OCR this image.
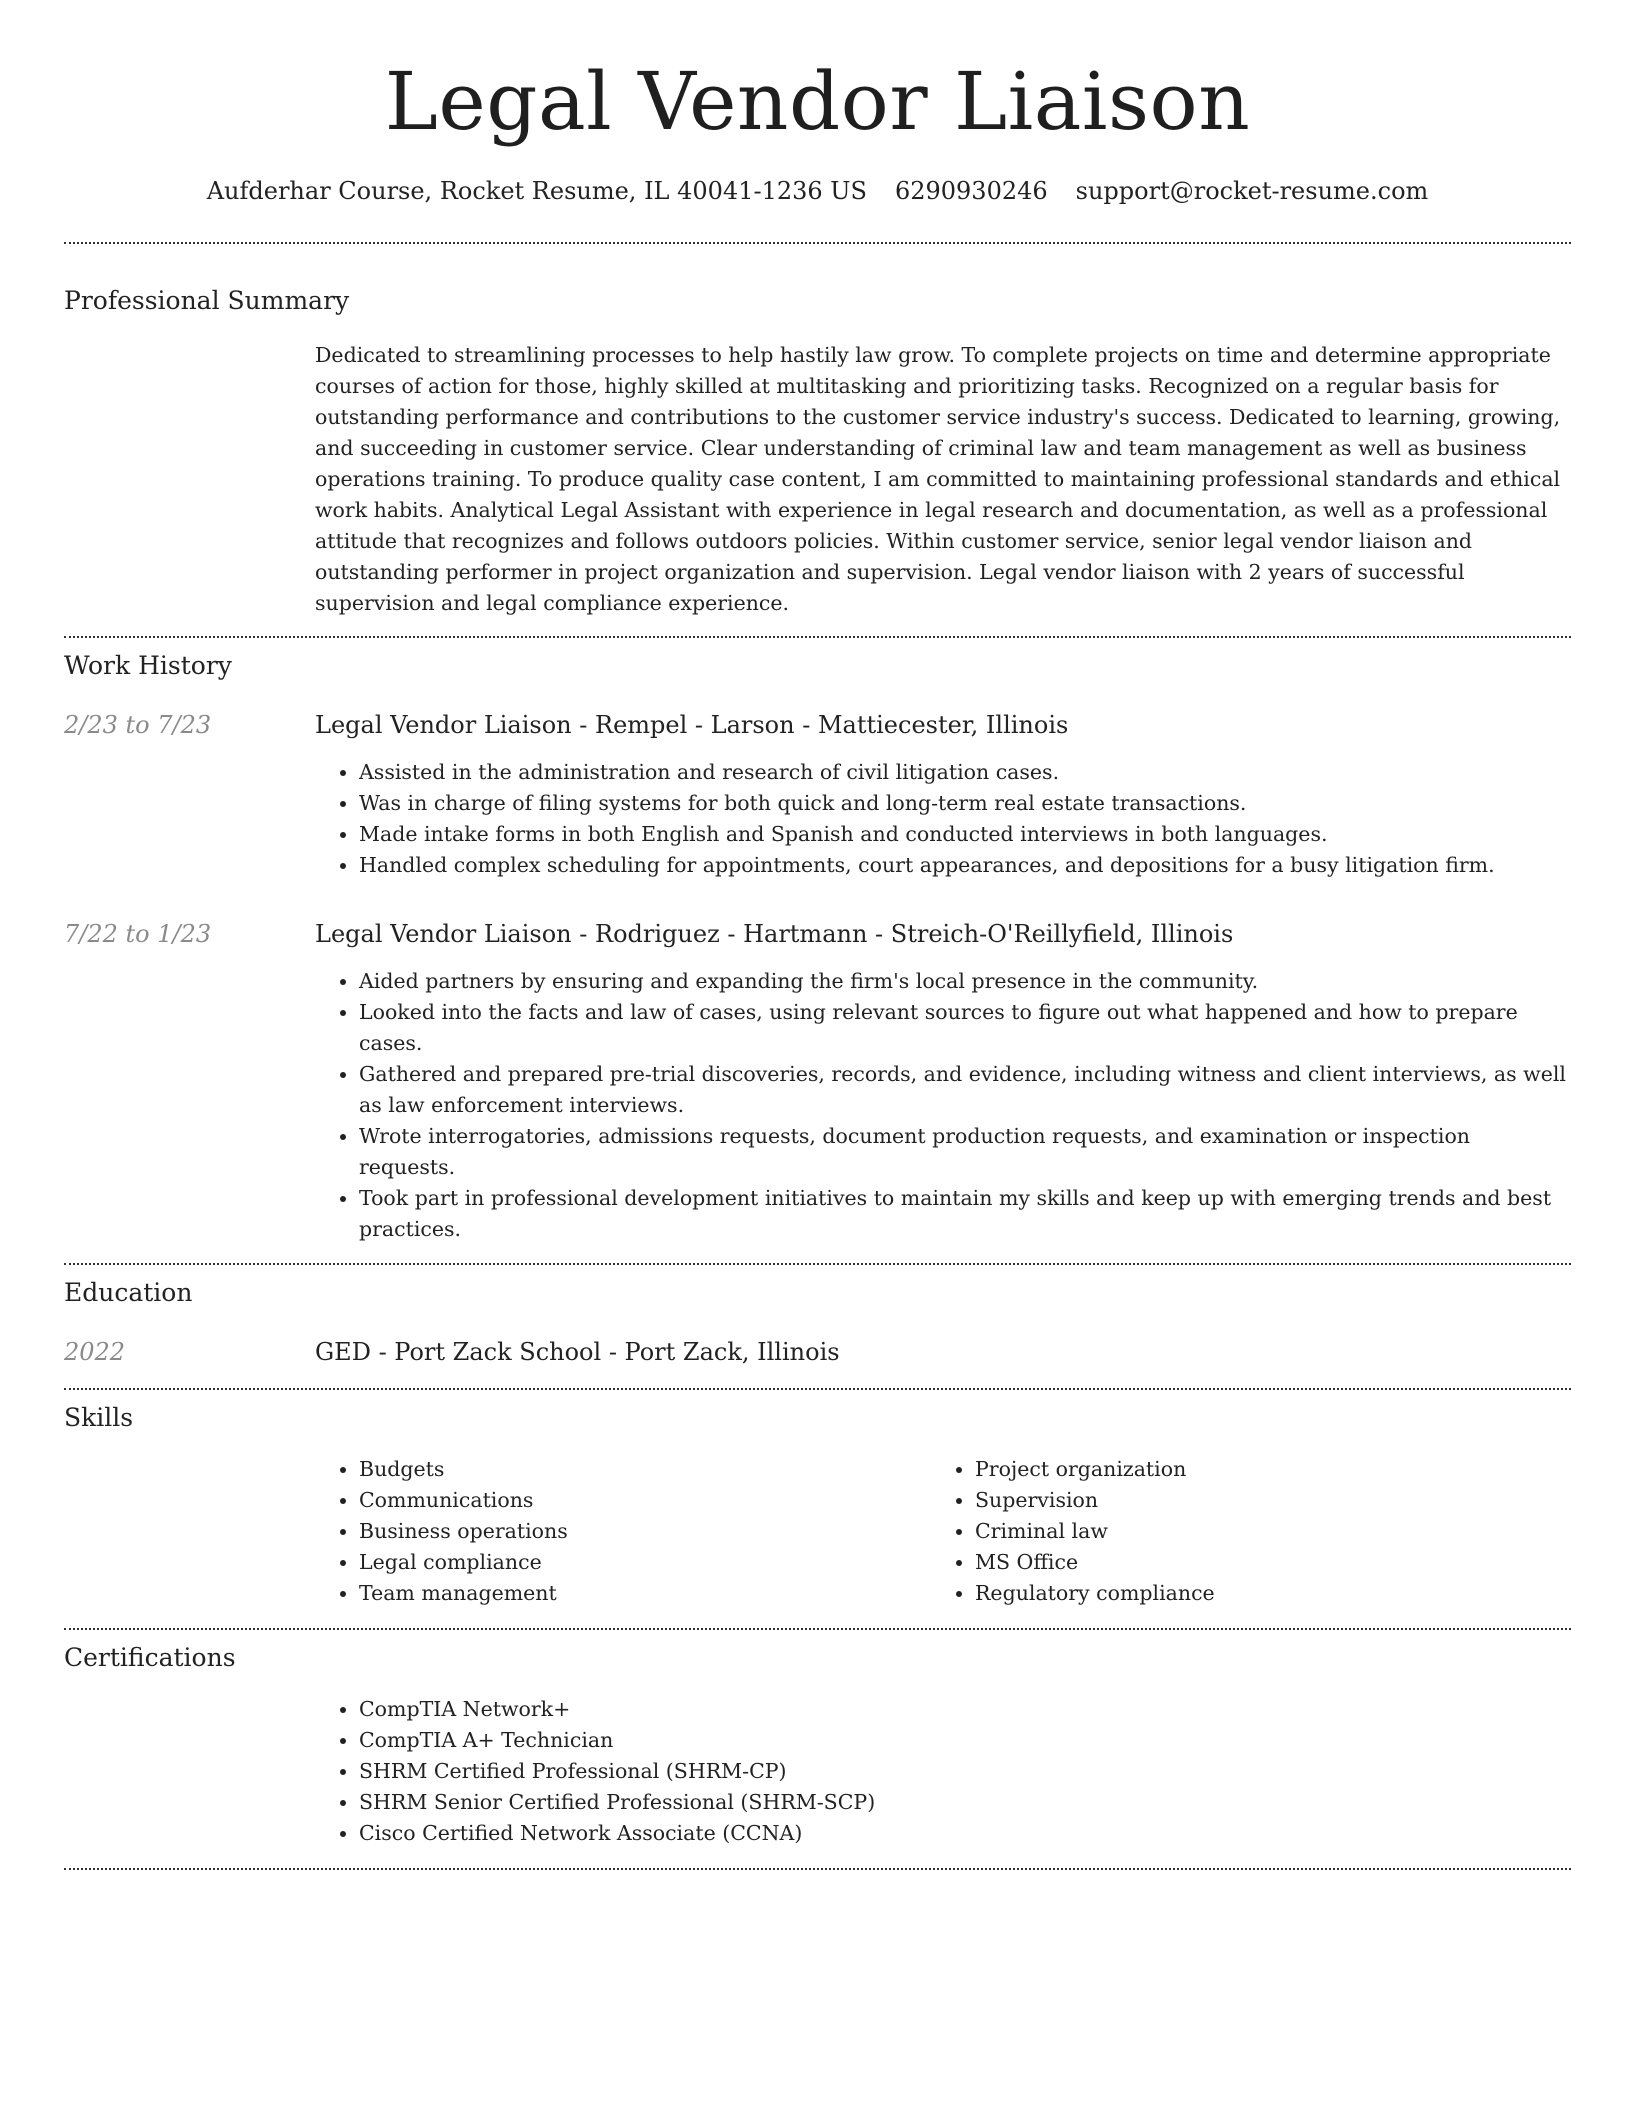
Legal Vendor Liaison
Aufderhar Course, Rocket Resume, IL 40041-1236 US 6290930246 support@rocket-resume.com
Professional Summary

Dedicated to streamlining processes to help hastily law grow. To complete projects on time and determine appropriate courses of action for those, highly skilled at multitasking and prioritizing tasks. Recognized on a regular basis for outstanding performance and contributions to the customer service industry's success. Dedicated to learning, growing, and succeeding in customer service. Clear understanding of criminal law and team management as well as business operations training. To produce quality case content, I am committed to maintaining professional standards and ethical work habits. Analytical Legal Assistant with experience in legal research and documentation, as well as a professional attitude that recognizes and follows outdoors policies. Within customer service, senior legal vendor liaison and outstanding performer in project organization and supervision. Legal vendor liaison with 2 years of successful supervision and legal compliance experience.

Work History
2/23 to 7/23	Legal Vendor Liaison - Rempel - Larson - Mattiecester, Illinois
• Assisted in the administration and research of civil litigation cases.
• Was in charge of filing systems for both quick and long-term real estate transactions.
• Made intake forms in both English and Spanish and conducted interviews in both languages.
• Handled complex scheduling for appointments, court appearances, and depositions for a busy litigation firm.
7/22 to 1/23	Legal Vendor Liaison - Rodriguez - Hartmann - Streich-O'Reillyfield, Illinois
• Aided partners by ensuring and expanding the firm's local presence in the community.
• Looked into the facts and law of cases, using relevant sources to figure out what happened and how to prepare cases.
• Gathered and prepared pre-trial discoveries, records, and evidence, including witness and client interviews, as well as law enforcement interviews.
• Wrote interrogatories, admissions requests, document production requests, and examination or inspection requests.
• Took part in professional development initiatives to maintain my skills and keep up with emerging trends and best practices.
Education
2022	GED - Port Zack School - Port Zack, Illinois
Skills
• Budgets
• Communications
• Business operations
• Legal compliance
• Team management
• Project organization
• Supervision
• Criminal law
• MS Office
• Regulatory compliance
Certifications
• CompTIA Network+
• CompTIA A+ Technician
• SHRM Certified Professional (SHRM-CP)
• SHRM Senior Certified Professional (SHRM-SCP)
• Cisco Certified Network Associate (CCNA)
